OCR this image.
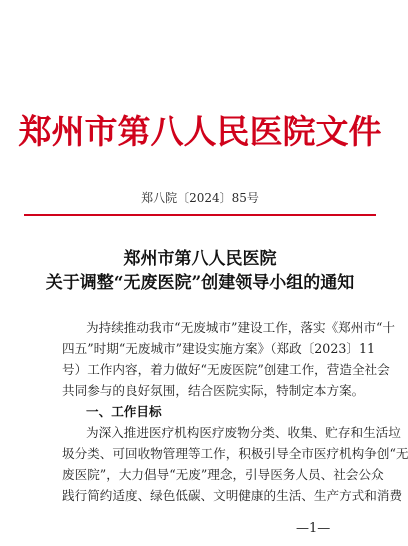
郑州市第八人民医院文件
郑八院〔2024〕85号
郑州市第八人民医院
关于调整“无废医院”创建领导小组的通知
为持续推动我市“无废城市”建设工作，落实《郑州市“十
四五”时期“无废城市”建设实施方案》（郑政〔2023〕11
号）工作内容，着力做好“无废医院”创建工作，营造全社会
共同参与的良好氛围，结合医院实际，特制定本方案。
一、工作目标
为深入推进医疗机构医疗废物分类、收集、贮存和生活垃
圾分类、可回收物管理等工作，积极引导全市医疗机构争创“无
废医院”，大力倡导“无废”理念，引导医务人员、社会公众
践行简约适度、绿色低碳、文明健康的生活、生产方式和消费
—1—
